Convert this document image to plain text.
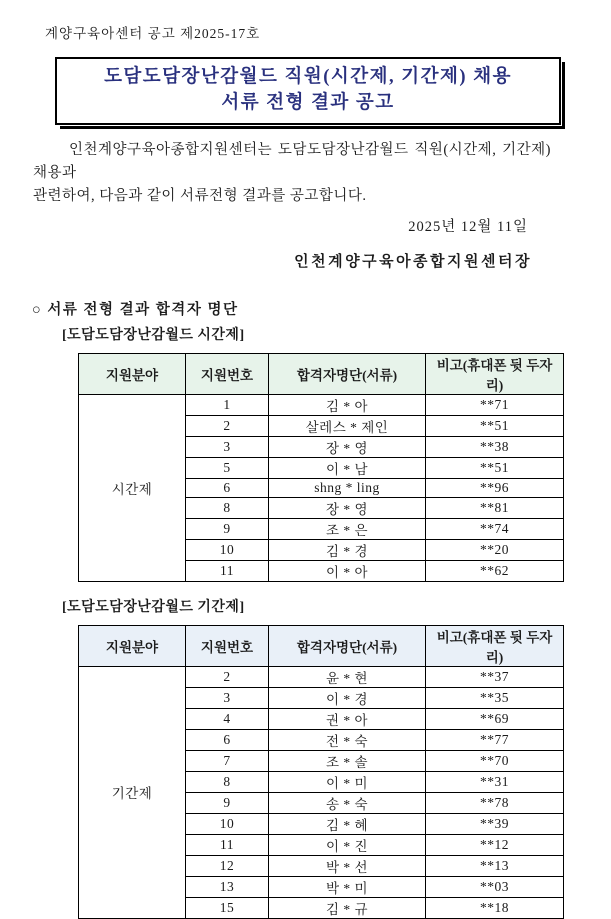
계양구육아센터 공고 제2025-17호
도담도담장난감월드 직원(시간제, 기간제) 채용
서류 전형 결과 공고
인천계양구육아종합지원센터는 도담도담장난감월드 직원(시간제, 기간제) 채용과
관련하여, 다음과 같이 서류전형 결과를 공고합니다.
2025년 12월 11일
인천계양구육아종합지원센터장
○ 서류 전형 결과 합격자 명단
[도담도담장난감월드 시간제]
지원분야	지원번호	합격자명단(서류)	비고(휴대폰 뒷 두자리)
시간제	1	김 * 아	**71
	2	살레스 * 제인	**51
	3	장 * 영	**38
	5	이 * 남	**51
	6	shng * ling	**96
	8	장 * 영	**81
	9	조 * 은	**74
	10	김 * 경	**20
	11	이 * 아	**62
[도담도담장난감월드 기간제]
지원분야	지원번호	합격자명단(서류)	비고(휴대폰 뒷 두자리)
기간제	2	윤 * 현	**37
	3	이 * 경	**35
	4	권 * 아	**69
	6	전 * 숙	**77
	7	조 * 솔	**70
	8	이 * 미	**31
	9	송 * 숙	**78
	10	김 * 혜	**39
	11	이 * 진	**12
	12	박 * 선	**13
	13	박 * 미	**03
	15	김 * 규	**18
